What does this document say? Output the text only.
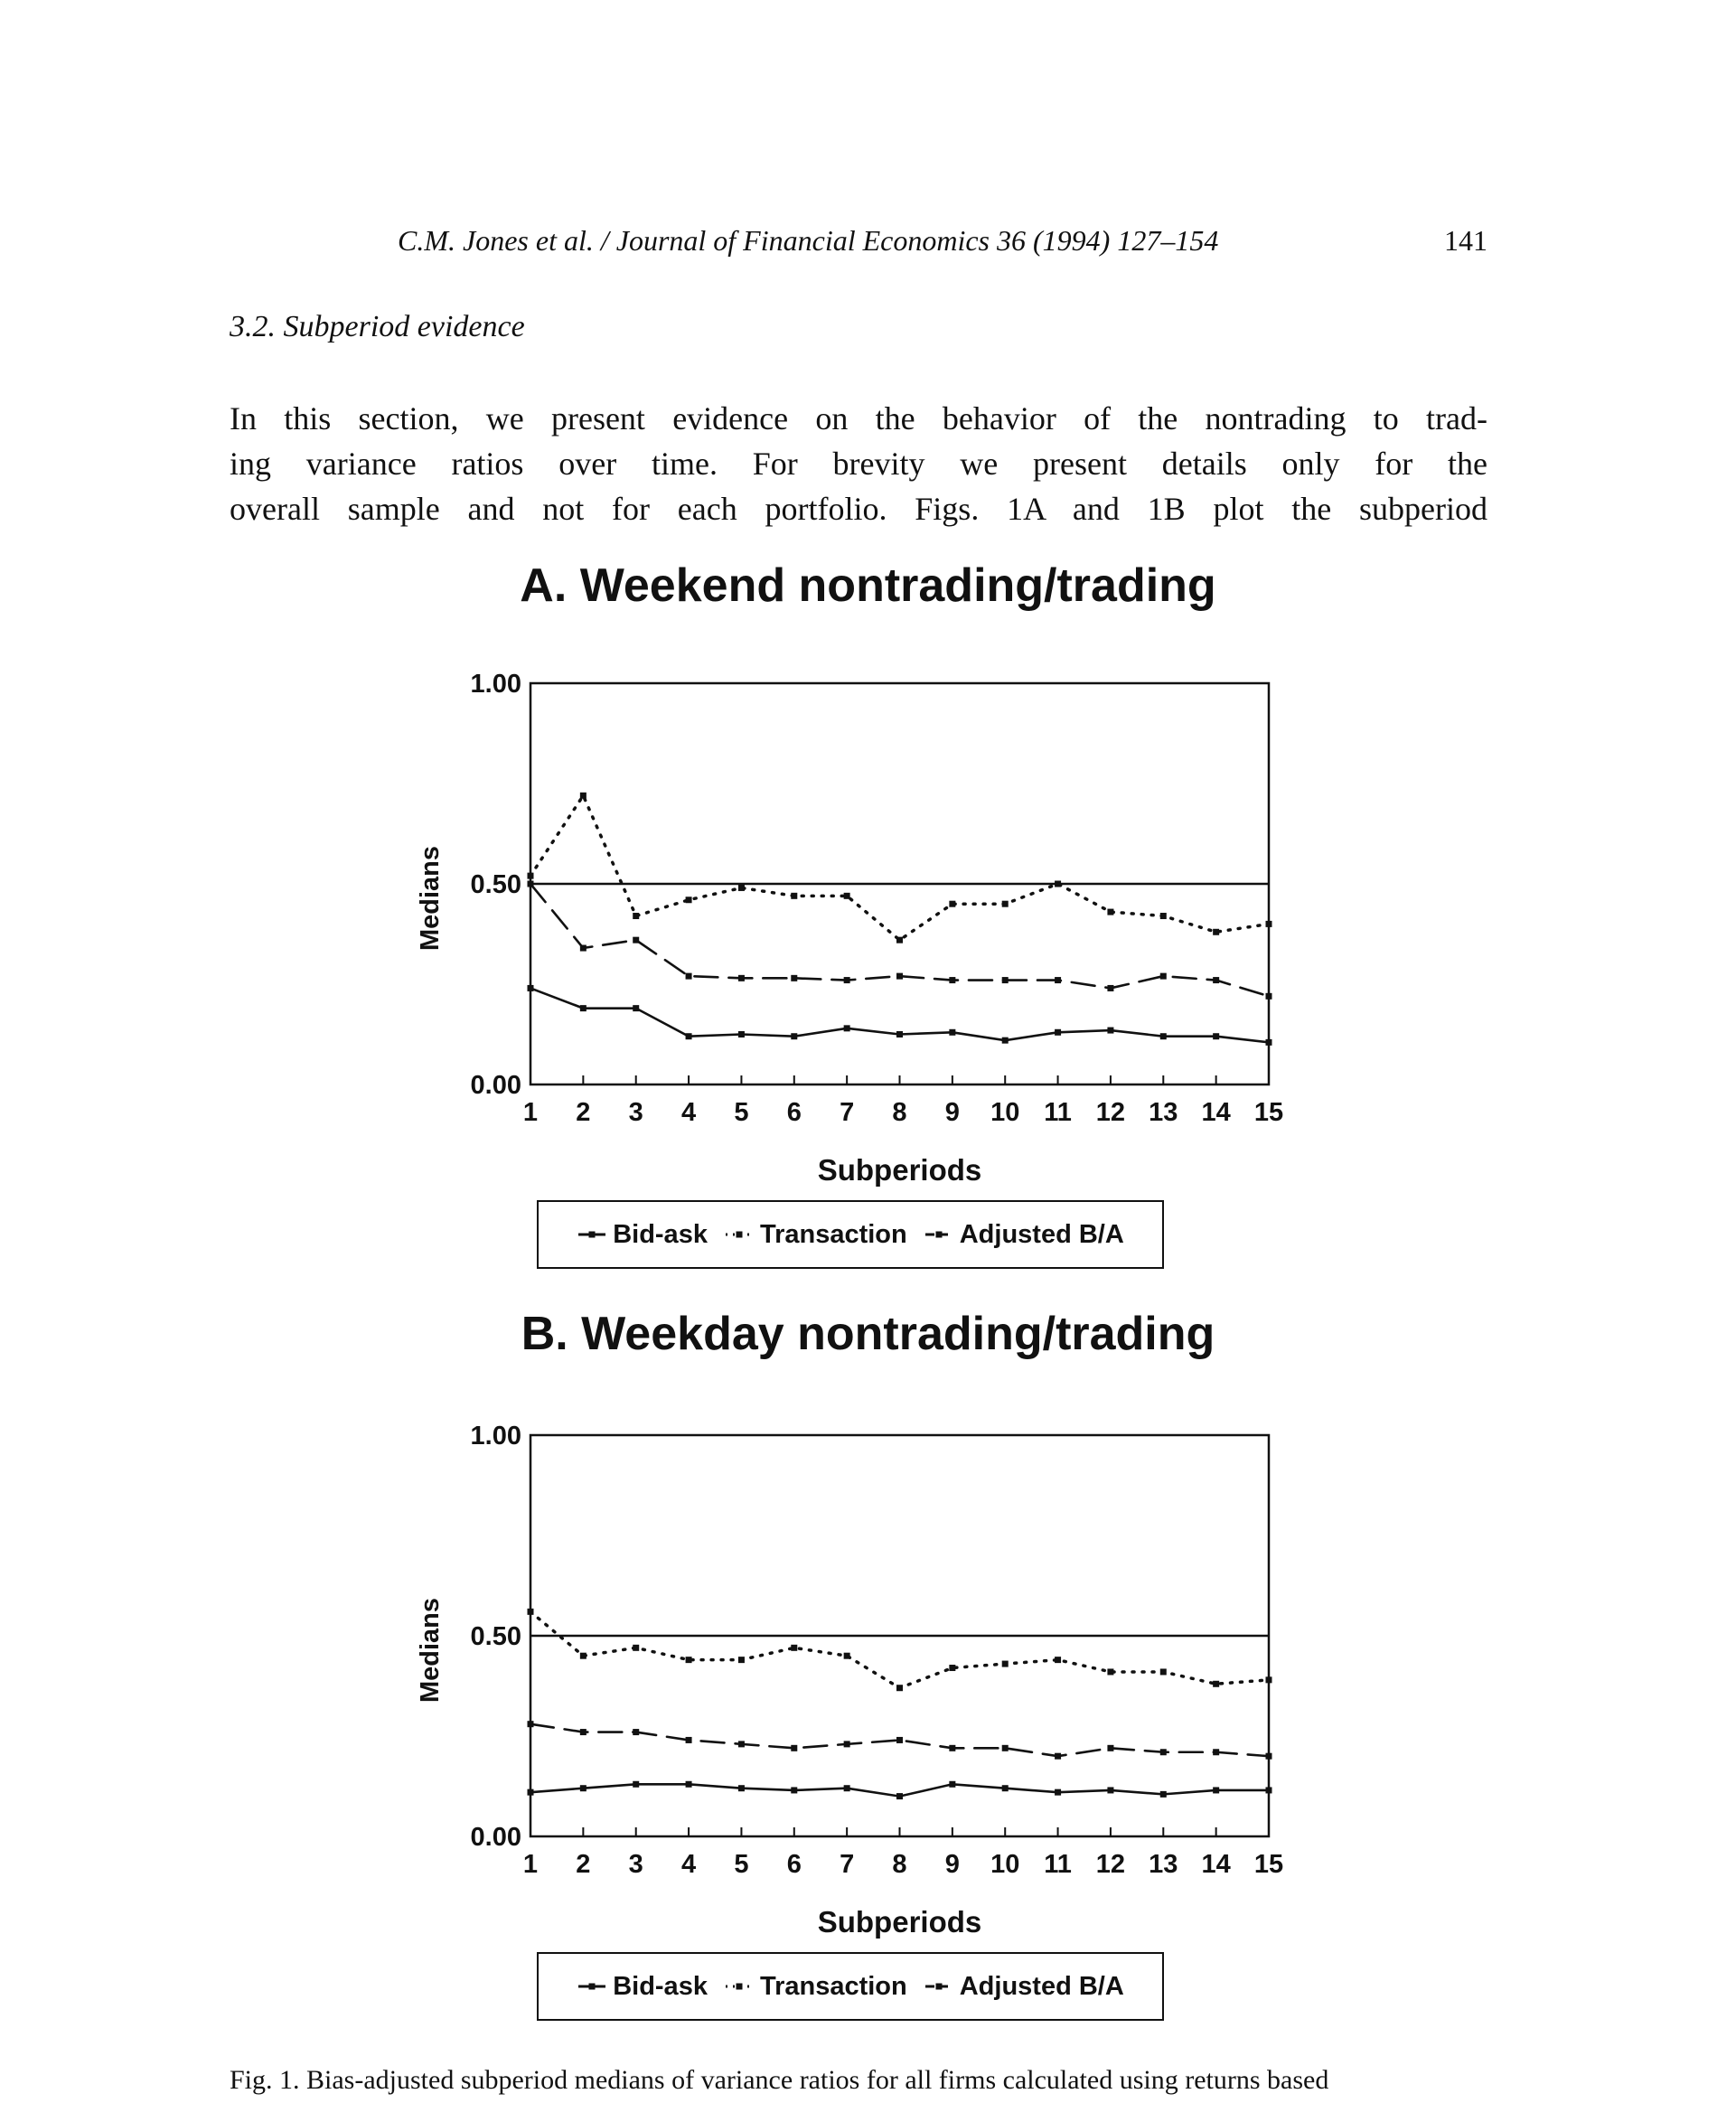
C.M. Jones et al. / Journal of Financial Economics 36 (1994) 127–154	141
3.2. Subperiod evidence
In this section, we present evidence on the behavior of the nontrading to trad-
ing variance ratios over time. For brevity we present details only for the
overall sample and not for each portfolio. Figs. 1A and 1B plot the subperiod
A. Weekend nontrading/trading
0.00
0.50
1.00
1 2 3 4 5 6 7 8 9 10 11 12 13 14 15
Subperiods
Medians
Bid-ask Transaction Adjusted B/A
B. Weekday nontrading/trading
0.00
0.50
1.00
1 2 3 4 5 6 7 8 9 10 11 12 13 14 15
Subperiods
Medians
Bid-ask Transaction Adjusted B/A
Fig. 1. Bias-adjusted subperiod medians of variance ratios for all firms calculated using returns based
